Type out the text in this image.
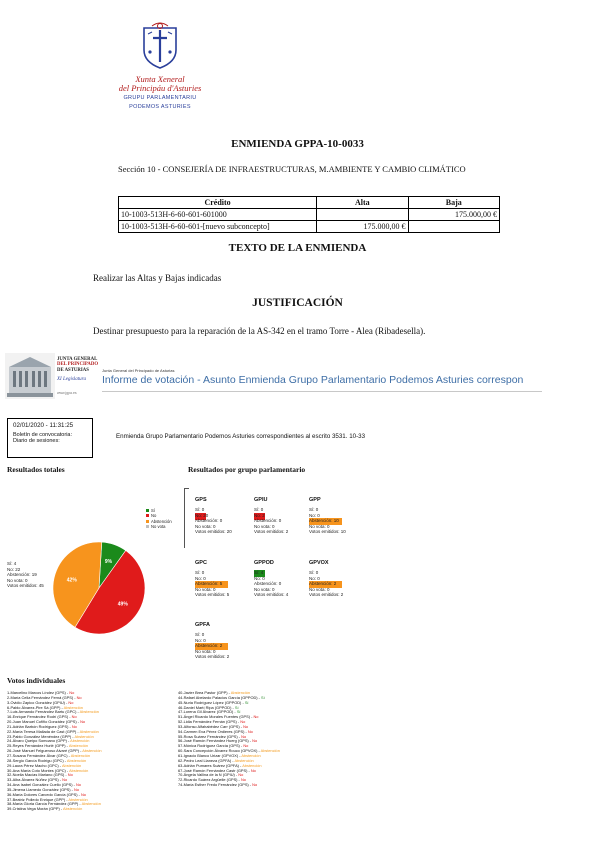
Xunta Xeneral
del Principáu d'Asturies
GRUPU PARLAMENTARIU
PODEMOS ASTURIES
ENMIENDA GPPA-10-0033
Sección 10 - CONSEJERÍA DE INFRAESTRUCTURAS, M.AMBIENTE Y CAMBIO CLIMÁTICO
Crédito	Alta	Baja
10-1003-513H-6-60-601-601000		175.000,00 €
10-1003-513H-6-60-601-[nuevo subconcepto]	175.000,00 €	
TEXTO DE LA ENMIENDA
Realizar las Altas y Bajas indicadas
JUSTIFICACIÓN
Destinar presupuesto para la reparación de la AS-342 en el tramo Torre - Alea (Ribadesella).
JUNTA GENERAL
DEL PRINCIPADO
DE ASTURIAS
XI Legislatura
www.jgpa.es
Junta General del Principado de Asturias
Informe de votación - Asunto Enmienda Grupo Parlamentario Podemos Asturies correspon
02/01/2020 - 11:31:25
Boletín de convocatoria:
Diario de sesiones:
Enmienda Grupo Parlamentario Podemos Asturies correspondientes al escrito 3531. 10-33
Resultados totales	Resultados por grupo parlamentario
Sí
No
Abstención
No vota
9%
49%
42%
Sí: 4
No: 22
Abstención: 19
No vota: 0
Votos emitidos: 45
GPS
Sí: 0
No: 20
Abstención: 0
No vota: 0
Votos emitidos: 20
GPIU
Sí: 0
No: 2
Abstención: 0
No vota: 0
Votos emitidos: 2
GPP
Sí: 0
No: 0
Abstención: 10
No vota: 0
Votos emitidos: 10
GPC
Sí: 0
No: 0
Abstención: 5
No vota: 0
Votos emitidos: 5
GPPOD
Sí: 4
No: 0
Abstención: 0
No vota: 0
Votos emitidos: 4
GPVOX
Sí: 0
No: 0
Abstención: 2
No vota: 0
Votos emitidos: 2
GPFA
Sí: 0
No: 0
Abstención: 2
No vota: 0
Votos emitidos: 2
Votos individuales
1-Marcelino Marcos Líndez (GPS) - No
2-María Celia Fernández Ferná (GPS) - No
3-Ovidio Zapico González (GPIU) - No
6-Pablo Álvarez-Pire Sá (GPP) - Abstención
7-Luis Armando Fernández Bartu (GPC) - Abstención
16-Enrique Fernández Rodrí (GPS) - No
20-Juan Manuel Cofiño González (GPS) - No
21-Adrián Barbón Rodríguez (GPS) - No
22-María Teresa Mallada de Cast (GPP) - Abstención
23-Pablo González Menéndez (GPP) - Abstención
24-Álvaro Queipo Somoano (GPP) - Abstención
25-Reyes Fernández Hurlé (GPP) - Abstención
26-José Manuel Felgueroso Alvaré (GPP) - Abstención
27-Susana Fernández Álvar (GPC) - Abstención
28-Sergio García Rodrígu (GPC) - Abstención
29-Laura Pérez Macho (GPC) - Abstención
30-Ana María Coto Montes (GPC) - Abstención
32-Noelia Macías Mariano (GPS) - No
33-Alba Álvarez Núñez (GPS) - No
34-Ana Isabel González Cuello (GPS) - No
35-Jimena Llamedo González (GPS) - No
36-María Dolores Carcedo García (GPS) - No
37-Beatriz Polledo Enrique (GPP) - Abstención
38-María Gloria García Fernández (GPP) - Abstención
39-Cristina Vega Morán (GPP) - Abstención
40-Javier Brea Pastor (GPP) - Abstención
44-Rafael Abelardo Palacios García (GPPOD) - Sí
45-Nuria Rodríguez López (GPPOD) - Sí
46-Daniel Martí Ripa (GPPOD) - Sí
47-Lorena Gil Álvarez (GPPOD) - Sí
51-Ángel Ricardo Morales Fuentes (GPS) - No
52-Lidia Fernández Fernán (GPS) - No
53-Alfonso Alfahabédez Carr (GPS) - No
54-Carmen Eva Pérez Ordieres (GPS) - No
55-Rosa Suárez Fernández (GPS) - No
56-José Ramón Fernández Huerg (GPS) - No
57-Mónica Rodríguez García (GPS) - No
60-Sara Concepción Álvarez Rouco (GPVOX) - Abstención
61-Ignacio Blanco Urizar (GPVOX) - Abstención
62-Pedro Leal Llaneza (GPFA) - Abstención
63-Adrián Pumares Suárez (GPFA) - Abstención
67-José Ramón Fernández Castr (GPS) - No
70-Ángela Vallina de la N (GPIU) - No
72-Ricardo Suárez Argüelle (GPS) - No
74-María Esther Fredo Fernández (GPS) - No
